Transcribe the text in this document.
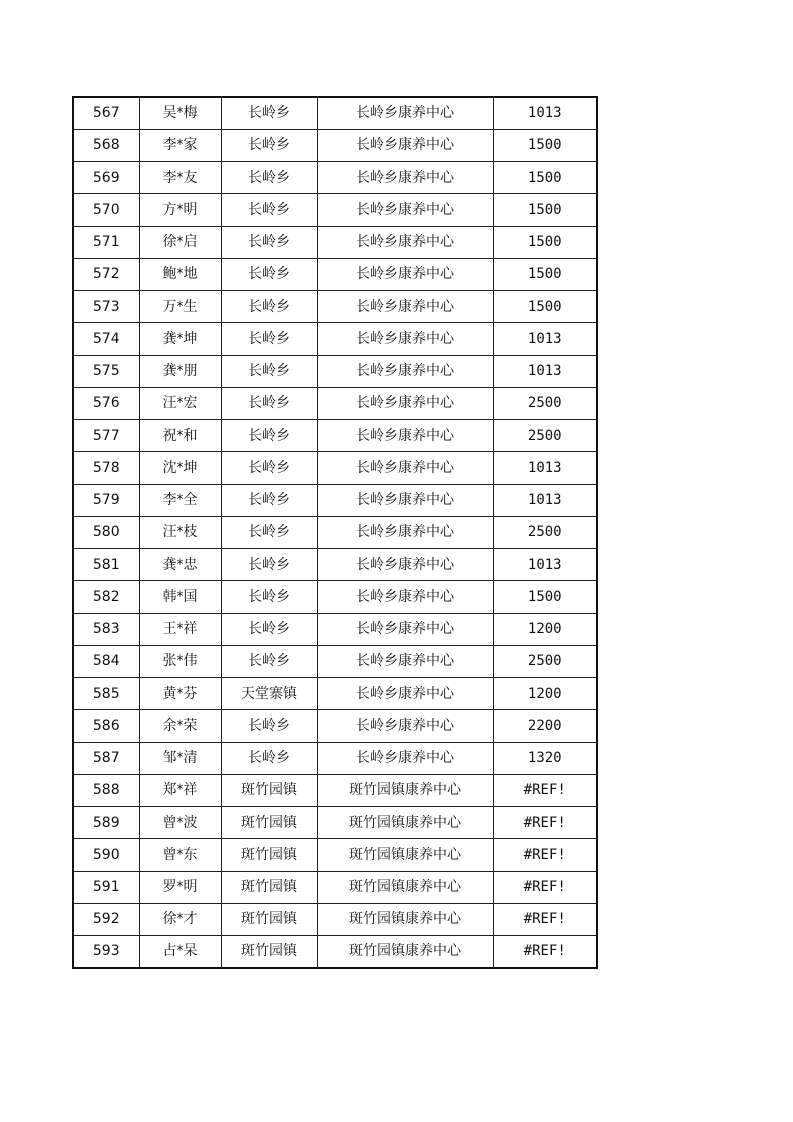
567	吴*梅	长岭乡	长岭乡康养中心	1013
568	李*家	长岭乡	长岭乡康养中心	1500
569	李*友	长岭乡	长岭乡康养中心	1500
570	方*明	长岭乡	长岭乡康养中心	1500
571	徐*启	长岭乡	长岭乡康养中心	1500
572	鲍*地	长岭乡	长岭乡康养中心	1500
573	万*生	长岭乡	长岭乡康养中心	1500
574	龚*坤	长岭乡	长岭乡康养中心	1013
575	龚*朋	长岭乡	长岭乡康养中心	1013
576	汪*宏	长岭乡	长岭乡康养中心	2500
577	祝*和	长岭乡	长岭乡康养中心	2500
578	沈*坤	长岭乡	长岭乡康养中心	1013
579	李*全	长岭乡	长岭乡康养中心	1013
580	汪*枝	长岭乡	长岭乡康养中心	2500
581	龚*忠	长岭乡	长岭乡康养中心	1013
582	韩*国	长岭乡	长岭乡康养中心	1500
583	王*祥	长岭乡	长岭乡康养中心	1200
584	张*伟	长岭乡	长岭乡康养中心	2500
585	黄*芬	天堂寨镇	长岭乡康养中心	1200
586	余*荣	长岭乡	长岭乡康养中心	2200
587	邹*清	长岭乡	长岭乡康养中心	1320
588	郑*祥	斑竹园镇	斑竹园镇康养中心	#REF!
589	曾*波	斑竹园镇	斑竹园镇康养中心	#REF!
590	曾*东	斑竹园镇	斑竹园镇康养中心	#REF!
591	罗*明	斑竹园镇	斑竹园镇康养中心	#REF!
592	徐*才	斑竹园镇	斑竹园镇康养中心	#REF!
593	占*呆	斑竹园镇	斑竹园镇康养中心	#REF!
